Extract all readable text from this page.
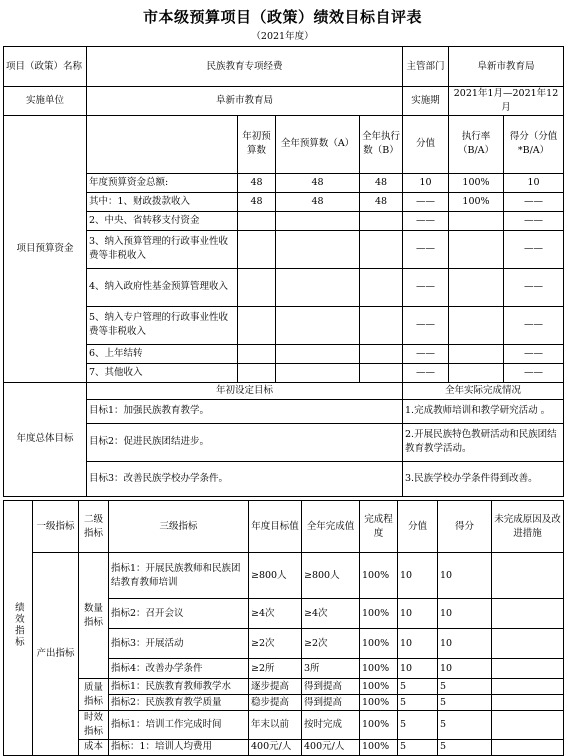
市本级预算项目（政策）绩效目标自评表
（2021年度）
项目（政策）名称	民族教育专项经费				主管部门	阜新市教育局	
实施单位	阜新市教育局				实施期	2021年1月—2021年12月	
项目预算资金		年初预算数	全年预算数（A）	全年执行数（B）	分值	执行率（B/A）	得分（分值*B/A）
	年度预算资金总额:	48	48	48	10	100%	10
	其中：1、财政拨款收入	48	48	48	——	100%	——
	2、中央、省转移支付资金				——		——
	3、纳入预算管理的行政事业性收费等非税收入				——		——
	4、纳入政府性基金预算管理收入				——		——
	5、纳入专户管理的行政事业性收费等非税收入				——		——
	6、上年结转				——		——
	7、其他收入				——		——
年度总体目标	年初设定目标				全年实际完成情况		
	目标1：加强民族教育教学。				1.完成教师培训和教学研究活动 。		
	目标2：促进民族团结进步。				2.开展民族特色教研活动和民族团结教育教学活动。		
	目标3：改善民族学校办学条件。				3.民族学校办学条件得到改善。		
绩效指标	一级指标	二级指标	三级指标	年度目标值	全年完成值	完成程度	分值	得分	未完成原因及改进措施
	产出指标	数量指标	指标1：开展民族教师和民族团结教育教师培训	≥800人	≥800人	100%	10	10	
			指标2：召开会议	≥4次	≥4次	100%	10	10	
			指标3：开展活动	≥2次	≥2次	100%	10	10	
			指标4：改善办学条件	≥2所	3所	100%	10	10	
		质量指标	指标1：民族教育教师教学水	逐步提高	得到提高	100%	5	5	
			指标2：民族教育教学质量	稳步提高	得到提高	100%	5	5	
		时效指标	指标1：培训工作完成时间	年末以前	按时完成	100%	5	5	
		成本	指标：1：培训人均费用	400元/人	400元/人	100%	5	5	
